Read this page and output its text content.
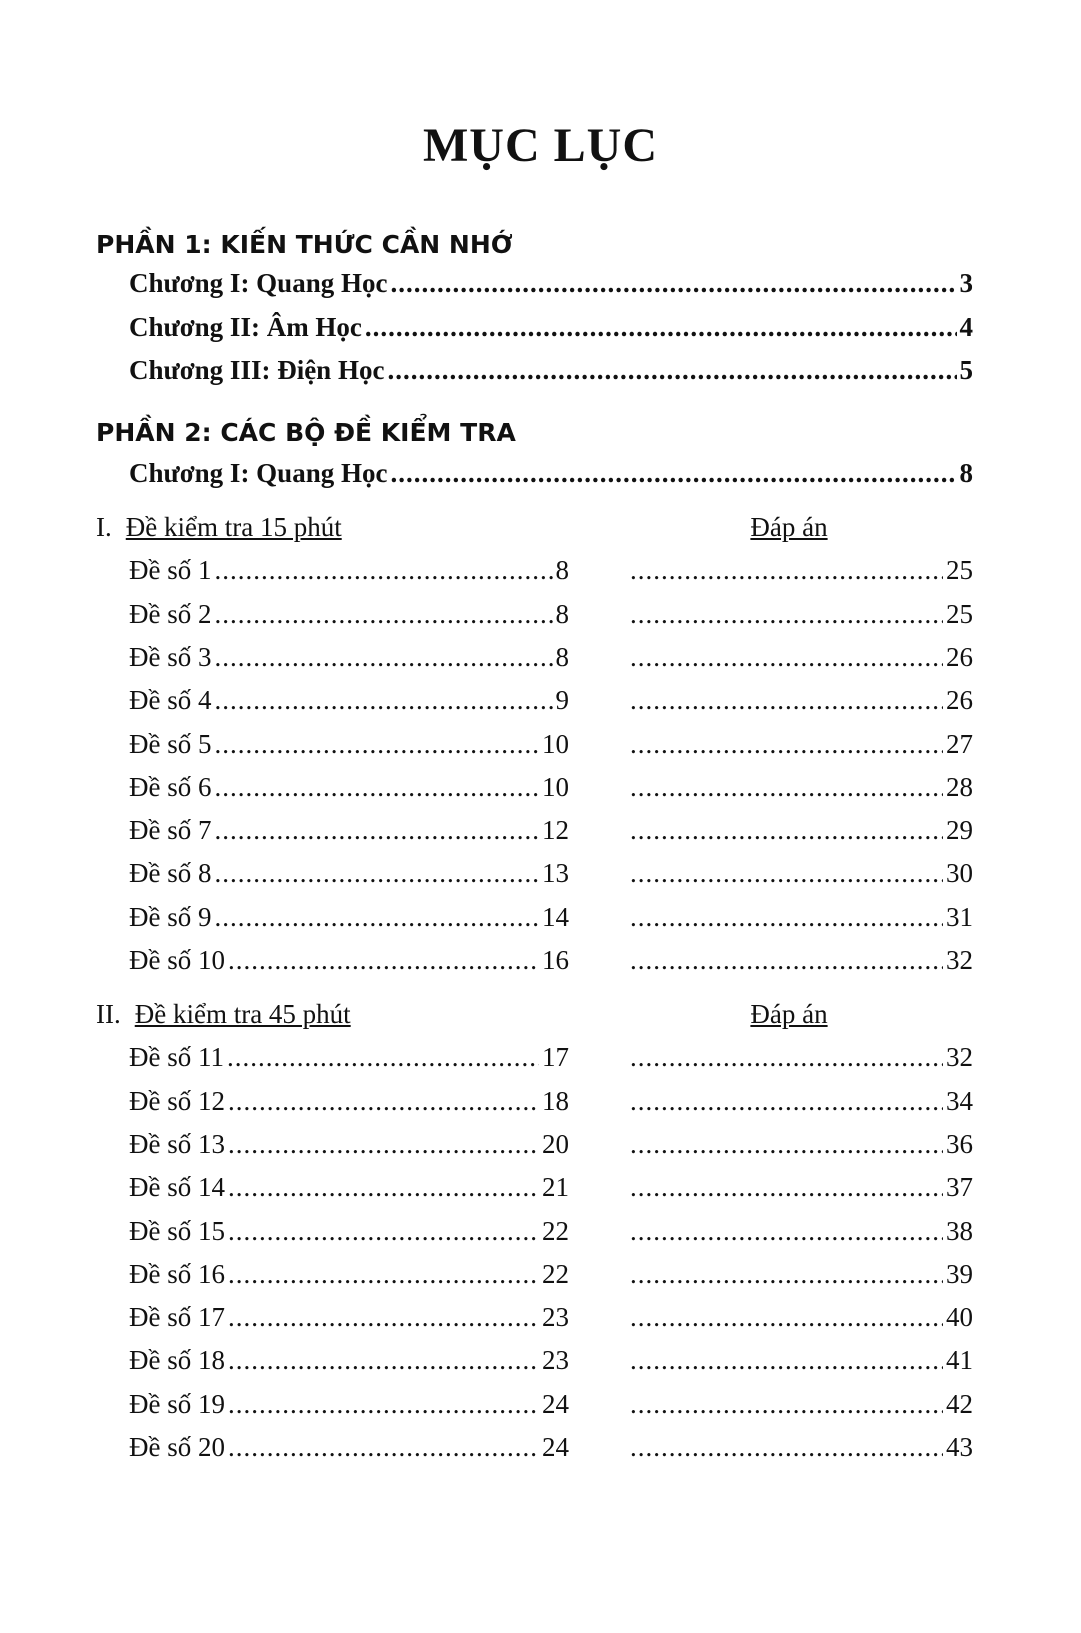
MỤC LỤC
PHẦN 1: KIẾN THỨC CẦN NHỚ
PHẦN 2: CÁC BỘ ĐỀ KIỂM TRA
Chương I: Quang Học .....	3
Chương II: Âm Học .....	4
Chương III: Điện Học .....	5
Chương I: Quang Học .....	8
I. Đề kiểm tra 15 phút	Đáp án
Đề số 1 .....	8 .....	25
Đề số 2 .....	8 .....	25
Đề số 3 .....	8 .....	26
Đề số 4 .....	9 .....	26
Đề số 5 .....	10 .....	27
Đề số 6 .....	10 .....	28
Đề số 7 .....	12 .....	29
Đề số 8 .....	13 .....	30
Đề số 9 .....	14 .....	31
Đề số 10 .....	16 .....	32
II. Đề kiểm tra 45 phút	Đáp án
Đề số 11 .....	17 .....	32
Đề số 12 .....	18 .....	34
Đề số 13 .....	20 .....	36
Đề số 14 .....	21 .....	37
Đề số 15 .....	22 .....	38
Đề số 16 .....	22 .....	39
Đề số 17 .....	23 .....	40
Đề số 18 .....	23 .....	41
Đề số 19 .....	24 .....	42
Đề số 20 .....	24 .....	43
